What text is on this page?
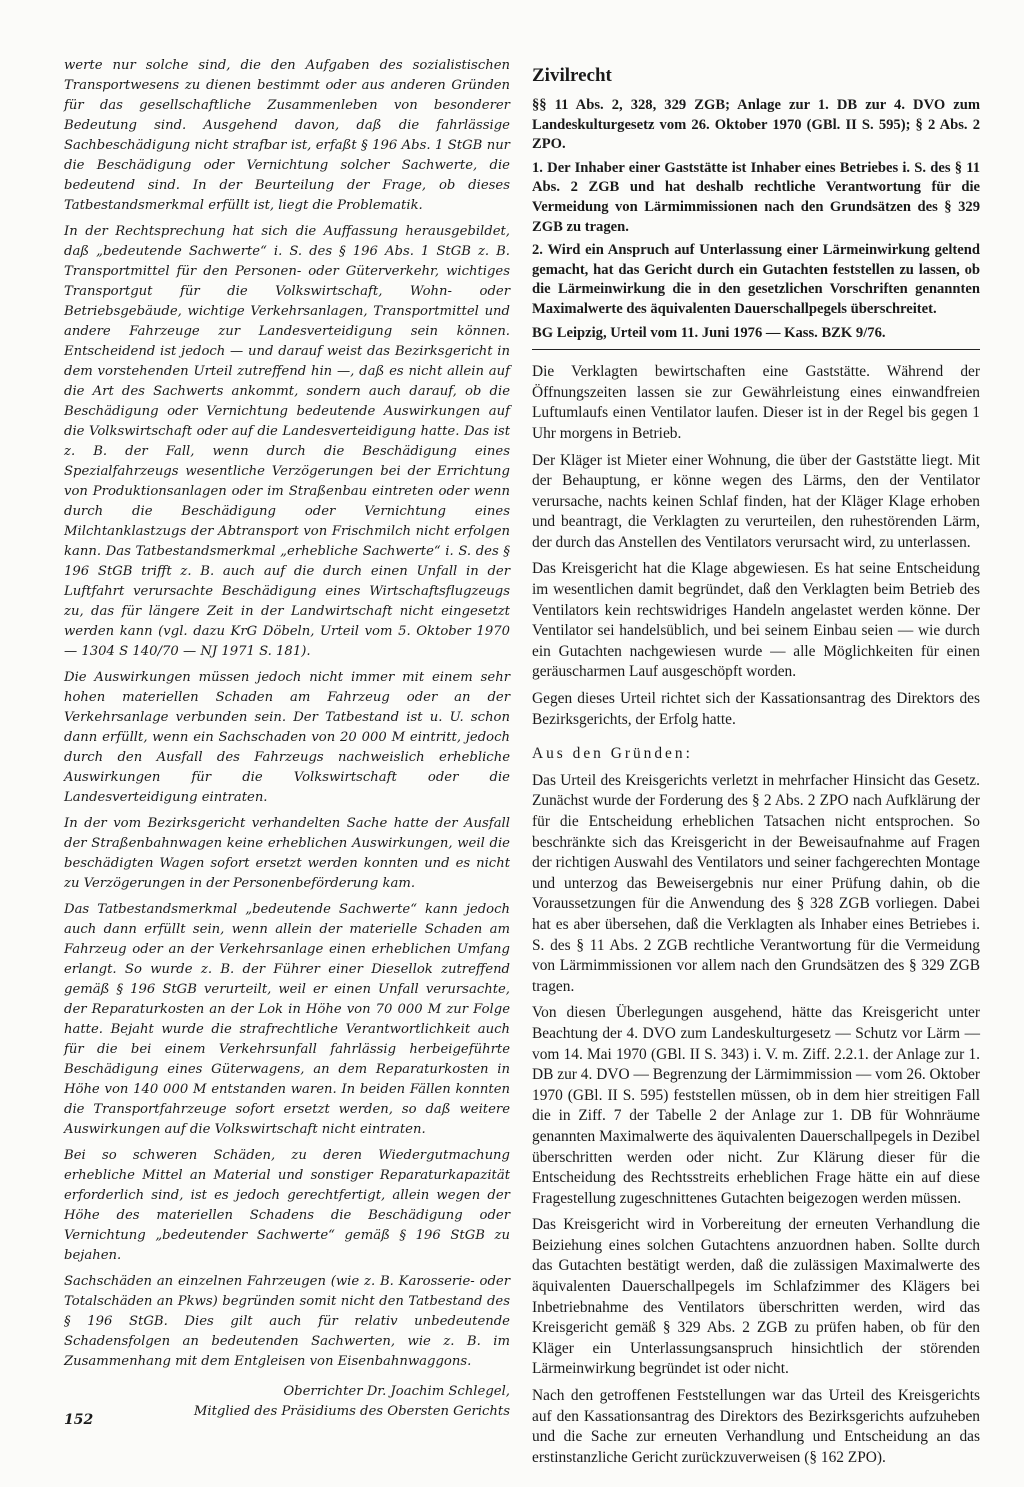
werte nur solche sind, die den Aufgaben des sozialistischen Transportwesens zu dienen bestimmt oder aus anderen Gründen für das gesellschaftliche Zusammenleben von besonderer Bedeutung sind. Ausgehend davon, daß die fahrlässige Sachbeschädigung nicht strafbar ist, erfaßt § 196 Abs. 1 StGB nur die Beschädigung oder Vernichtung solcher Sachwerte, die bedeutend sind. In der Beurteilung der Frage, ob dieses Tatbestandsmerkmal erfüllt ist, liegt die Problematik.

In der Rechtsprechung hat sich die Auffassung herausgebildet, daß „bedeutende Sachwerte“ i. S. des § 196 Abs. 1 StGB z. B. Transportmittel für den Personen- oder Güterverkehr, wichtiges Transportgut für die Volkswirtschaft, Wohn- oder Betriebsgebäude, wichtige Verkehrsanlagen, Transportmittel und andere Fahrzeuge zur Landesverteidigung sein können. Entscheidend ist jedoch — und darauf weist das Bezirksgericht in dem vorstehenden Urteil zutreffend hin —, daß es nicht allein auf die Art des Sachwerts ankommt, sondern auch darauf, ob die Beschädigung oder Vernichtung bedeutende Auswirkungen auf die Volkswirtschaft oder auf die Landesverteidigung hatte. Das ist z. B. der Fall, wenn durch die Beschädigung eines Spezialfahrzeugs wesentliche Verzögerungen bei der Errichtung von Produktionsanlagen oder im Straßenbau eintreten oder wenn durch die Beschädigung oder Vernichtung eines Milchtanklastzugs der Abtransport von Frischmilch nicht erfolgen kann. Das Tatbestandsmerkmal „erhebliche Sachwerte“ i. S. des § 196 StGB trifft z. B. auch auf die durch einen Unfall in der Luftfahrt verursachte Beschädigung eines Wirtschaftsflugzeugs zu, das für längere Zeit in der Landwirtschaft nicht eingesetzt werden kann (vgl. dazu KrG Döbeln, Urteil vom 5. Oktober 1970 — 1304 S 140/70 — NJ 1971 S. 181).

Die Auswirkungen müssen jedoch nicht immer mit einem sehr hohen materiellen Schaden am Fahrzeug oder an der Verkehrsanlage verbunden sein. Der Tatbestand ist u. U. schon dann erfüllt, wenn ein Sachschaden von 20 000 M eintritt, jedoch durch den Ausfall des Fahrzeugs nachweislich erhebliche Auswirkungen für die Volkswirtschaft oder die Landesverteidigung eintraten.

In der vom Bezirksgericht verhandelten Sache hatte der Ausfall der Straßenbahnwagen keine erheblichen Auswirkungen, weil die beschädigten Wagen sofort ersetzt werden konnten und es nicht zu Verzögerungen in der Personenbeförderung kam.

Das Tatbestandsmerkmal „bedeutende Sachwerte“ kann jedoch auch dann erfüllt sein, wenn allein der materielle Schaden am Fahrzeug oder an der Verkehrsanlage einen erheblichen Umfang erlangt. So wurde z. B. der Führer einer Diesellok zutreffend gemäß § 196 StGB verurteilt, weil er einen Unfall verursachte, der Reparaturkosten an der Lok in Höhe von 70 000 M zur Folge hatte. Bejaht wurde die strafrechtliche Verantwortlichkeit auch für die bei einem Verkehrsunfall fahrlässig herbeigeführte Beschädigung eines Güterwagens, an dem Reparaturkosten in Höhe von 140 000 M entstanden waren. In beiden Fällen konnten die Transportfahrzeuge sofort ersetzt werden, so daß weitere Auswirkungen auf die Volkswirtschaft nicht eintraten.

Bei so schweren Schäden, zu deren Wiedergutmachung erhebliche Mittel an Material und sonstiger Reparaturkapazität erforderlich sind, ist es jedoch gerechtfertigt, allein wegen der Höhe des materiellen Schadens die Beschädigung oder Vernichtung „bedeutender Sachwerte“ gemäß § 196 StGB zu bejahen.

Sachschäden an einzelnen Fahrzeugen (wie z. B. Karosserie- oder Totalschäden an Pkws) begründen somit nicht den Tatbestand des § 196 StGB. Dies gilt auch für relativ unbedeutende Schadensfolgen an bedeutenden Sachwerten, wie z. B. im Zusammenhang mit dem Entgleisen von Eisenbahnwaggons.

Oberrichter Dr. Joachim Schlegel,
Mitglied des Präsidiums des Obersten Gerichts
Zivilrecht

§§ 11 Abs. 2, 328, 329 ZGB; Anlage zur 1. DB zur 4. DVO zum Landeskulturgesetz vom 26. Oktober 1970 (GBl. II S. 595); § 2 Abs. 2 ZPO.

1. Der Inhaber einer Gaststätte ist Inhaber eines Betriebes i. S. des § 11 Abs. 2 ZGB und hat deshalb rechtliche Verantwortung für die Vermeidung von Lärmimmissionen nach den Grundsätzen des § 329 ZGB zu tragen.

2. Wird ein Anspruch auf Unterlassung einer Lärmeinwirkung geltend gemacht, hat das Gericht durch ein Gutachten feststellen zu lassen, ob die Lärmeinwirkung die in den gesetzlichen Vorschriften genannten Maximalwerte des äquivalenten Dauerschallpegels überschreitet.

BG Leipzig, Urteil vom 11. Juni 1976 — Kass. BZK 9/76.

Die Verklagten bewirtschaften eine Gaststätte. Während der Öffnungszeiten lassen sie zur Gewährleistung eines einwandfreien Luftumlaufs einen Ventilator laufen. Dieser ist in der Regel bis gegen 1 Uhr morgens in Betrieb.

Der Kläger ist Mieter einer Wohnung, die über der Gaststätte liegt. Mit der Behauptung, er könne wegen des Lärms, den der Ventilator verursache, nachts keinen Schlaf finden, hat der Kläger Klage erhoben und beantragt, die Verklagten zu verurteilen, den ruhestörenden Lärm, der durch das Anstellen des Ventilators verursacht wird, zu unterlassen.

Das Kreisgericht hat die Klage abgewiesen. Es hat seine Entscheidung im wesentlichen damit begründet, daß den Verklagten beim Betrieb des Ventilators kein rechtswidriges Handeln angelastet werden könne. Der Ventilator sei handelsüblich, und bei seinem Einbau seien — wie durch ein Gutachten nachgewiesen wurde — alle Möglichkeiten für einen geräuscharmen Lauf ausgeschöpft worden.

Gegen dieses Urteil richtet sich der Kassationsantrag des Direktors des Bezirksgerichts, der Erfolg hatte.

Aus den Gründen:

Das Urteil des Kreisgerichts verletzt in mehrfacher Hinsicht das Gesetz. Zunächst wurde der Forderung des § 2 Abs. 2 ZPO nach Aufklärung der für die Entscheidung erheblichen Tatsachen nicht entsprochen. So beschränkte sich das Kreisgericht in der Beweisaufnahme auf Fragen der richtigen Auswahl des Ventilators und seiner fachgerechten Montage und unterzog das Beweisergebnis nur einer Prüfung dahin, ob die Voraussetzungen für die Anwendung des § 328 ZGB vorliegen. Dabei hat es aber übersehen, daß die Verklagten als Inhaber eines Betriebes i. S. des § 11 Abs. 2 ZGB rechtliche Verantwortung für die Vermeidung von Lärmimmissionen vor allem nach den Grundsätzen des § 329 ZGB tragen.

Von diesen Überlegungen ausgehend, hätte das Kreisgericht unter Beachtung der 4. DVO zum Landeskulturgesetz — Schutz vor Lärm — vom 14. Mai 1970 (GBl. II S. 343) i. V. m. Ziff. 2.2.1. der Anlage zur 1. DB zur 4. DVO — Begrenzung der Lärmimmission — vom 26. Oktober 1970 (GBl. II S. 595) feststellen müssen, ob in dem hier streitigen Fall die in Ziff. 7 der Tabelle 2 der Anlage zur 1. DB für Wohnräume genannten Maximalwerte des äquivalenten Dauerschallpegels in Dezibel überschritten werden oder nicht. Zur Klärung dieser für die Entscheidung des Rechtsstreits erheblichen Frage hätte ein auf diese Fragestellung zugeschnittenes Gutachten beigezogen werden müssen.

Das Kreisgericht wird in Vorbereitung der erneuten Verhandlung die Beiziehung eines solchen Gutachtens anzuordnen haben. Sollte durch das Gutachten bestätigt werden, daß die zulässigen Maximalwerte des äquivalenten Dauerschallpegels im Schlafzimmer des Klägers bei Inbetriebnahme des Ventilators überschritten werden, wird das Kreisgericht gemäß § 329 Abs. 2 ZGB zu prüfen haben, ob für den Kläger ein Unterlassungsanspruch hinsichtlich der störenden Lärmeinwirkung begründet ist oder nicht.

Nach den getroffenen Feststellungen war das Urteil des Kreisgerichts auf den Kassationsantrag des Direktors des Bezirksgerichts aufzuheben und die Sache zur erneuten Verhandlung und Entscheidung an das erstinstanzliche Gericht zurückzuverweisen (§ 162 ZPO).

152
